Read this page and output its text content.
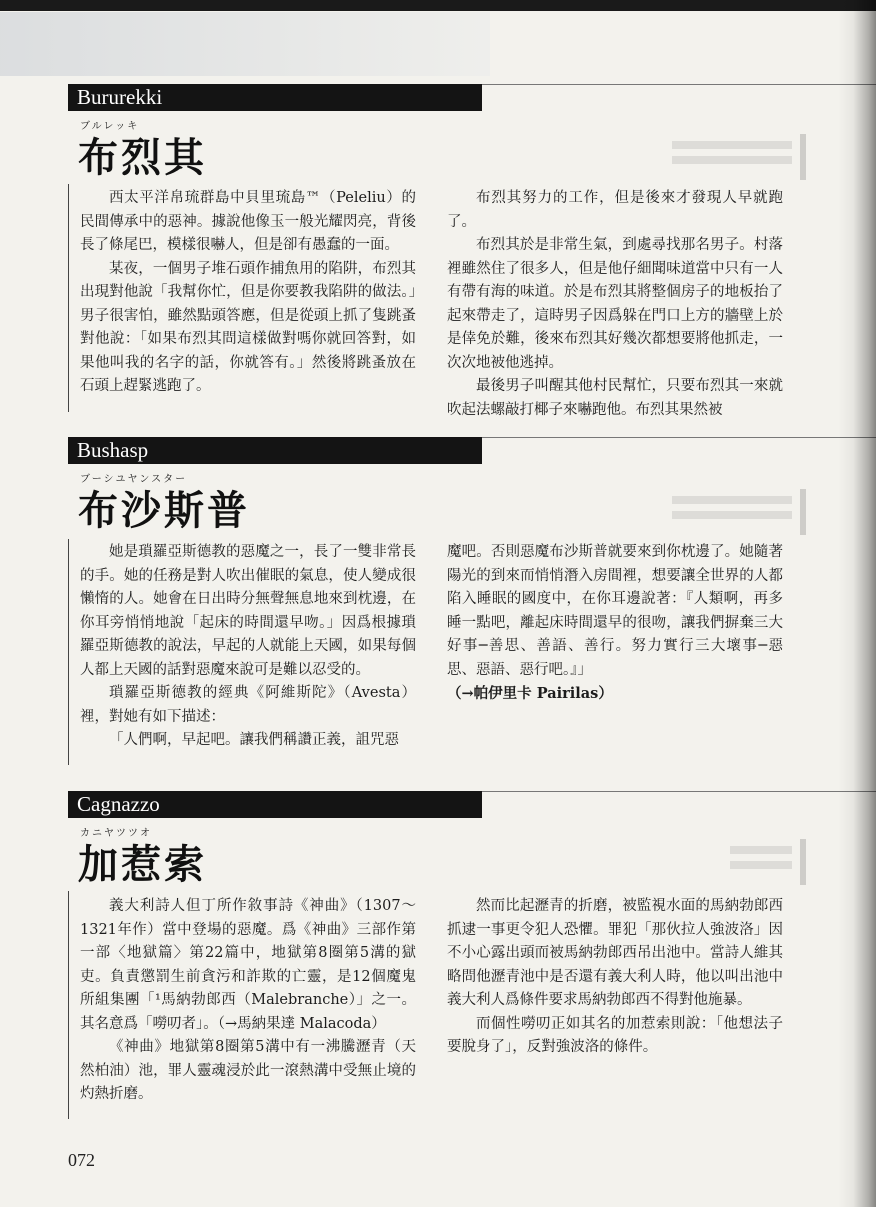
Bururekki
ブルレッキ
布烈其

西太平洋帛琉群島中貝里琉島™（Peleliu）的民間傳承中的惡神。據說他像玉一般光耀閃亮，背後長了條尾巴，模樣很嚇人，但是卻有愚蠢的一面。

某夜，一個男子堆石頭作捕魚用的陷阱，布烈其出現對他說「我幫你忙，但是你要教我陷阱的做法。」男子很害怕，雖然點頭答應，但是從頭上抓了隻跳蚤對他說：「如果布烈其問這樣做對嗎你就回答對，如果他叫我的名字的話，你就答有。」然後將跳蚤放在石頭上趕緊逃跑了。

布烈其努力的工作，但是後來才發現人早就跑了。

布烈其於是非常生氣，到處尋找那名男子。村落裡雖然住了很多人，但是他仔細聞味道當中只有一人有帶有海的味道。於是布烈其將整個房子的地板抬了起來帶走了，這時男子因爲躲在門口上方的牆壁上於是倖免於難，後來布烈其好幾次都想要將他抓走，一次次地被他逃掉。

最後男子叫醒其他村民幫忙，只要布烈其一來就吹起法螺敲打椰子來嚇跑他。布烈其果然被

Bushasp
ブーシユヤンスター
布沙斯普

她是瑣羅亞斯德教的惡魔之一，長了一雙非常長的手。她的任務是對人吹出催眠的氣息，使人變成很懶惰的人。她會在日出時分無聲無息地來到枕邊，在你耳旁悄悄地說「起床的時間還早吻。」因爲根據瑣羅亞斯德教的說法，早起的人就能上天國，如果每個人都上天國的話對惡魔來說可是難以忍受的。

瑣羅亞斯德教的經典《阿維斯陀》（Avesta）裡，對她有如下描述：

「人們啊，早起吧。讓我們稱讚正義，詛咒惡

魔吧。否則惡魔布沙斯普就要來到你枕邊了。她隨著陽光的到來而悄悄潛入房間裡，想要讓全世界的人都陷入睡眠的國度中，在你耳邊說著：『人類啊，再多睡一點吧，離起床時間還早的很吻，讓我們摒棄三大好事─善思、善語、善行。努力實行三大壞事─惡思、惡語、惡行吧。』」

（→帕伊里卡 Pairilas）

Cagnazzo
カニヤツツオ
加惹索

義大利詩人但丁所作敘事詩《神曲》（1307～1321年作）當中登場的惡魔。爲《神曲》三部作第一部〈地獄篇〉第22篇中，地獄第8圈第5溝的獄吏。負責懲罰生前貪污和詐欺的亡靈，是12個魔鬼所組集團「¹馬納勃郎西（Malebranche）」之一。其名意爲「嘮叨者」。（→馬納果達 Malacoda）

《神曲》地獄第8圈第5溝中有一沸騰瀝青（天然柏油）池，罪人靈魂浸於此一滾熱溝中受無止境的灼熱折磨。

然而比起瀝青的折磨，被監視水面的馬納勃郎西抓逮一事更令犯人恐懼。罪犯「那伙拉人強波洛」因不小心露出頭而被馬納勃郎西吊出池中。當詩人維其略問他瀝青池中是否還有義大利人時，他以叫出池中義大利人爲條件要求馬納勃郎西不得對他施暴。

而個性嘮叨正如其名的加惹索則說：「他想法子要脫身了」，反對強波洛的條件。

072
